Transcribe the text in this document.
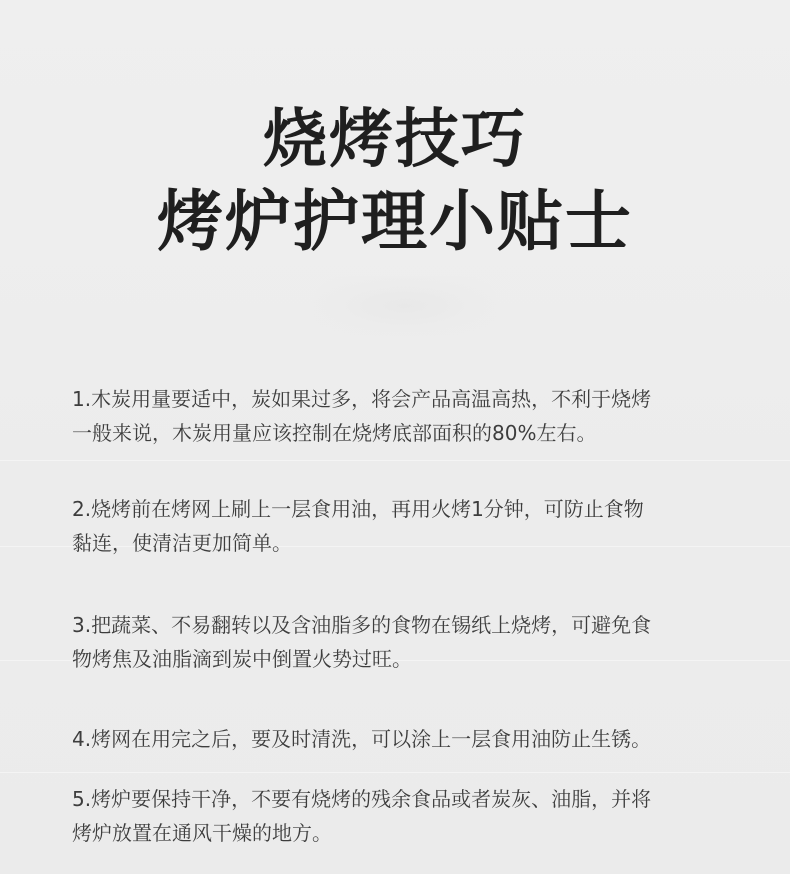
烧烤技巧
烤炉护理小贴士
1.木炭用量要适中，炭如果过多，将会产品高温高热，不利于烧烤
一般来说，木炭用量应该控制在烧烤底部面积的80%左右。
2.烧烤前在烤网上刷上一层食用油，再用火烤1分钟，可防止食物
黏连，使清洁更加简单。
3.把蔬菜、不易翻转以及含油脂多的食物在锡纸上烧烤，可避免食
物烤焦及油脂滴到炭中倒置火势过旺。
4.烤网在用完之后，要及时清洗，可以涂上一层食用油防止生锈。
5.烤炉要保持干净，不要有烧烤的残余食品或者炭灰、油脂，并将
烤炉放置在通风干燥的地方。
